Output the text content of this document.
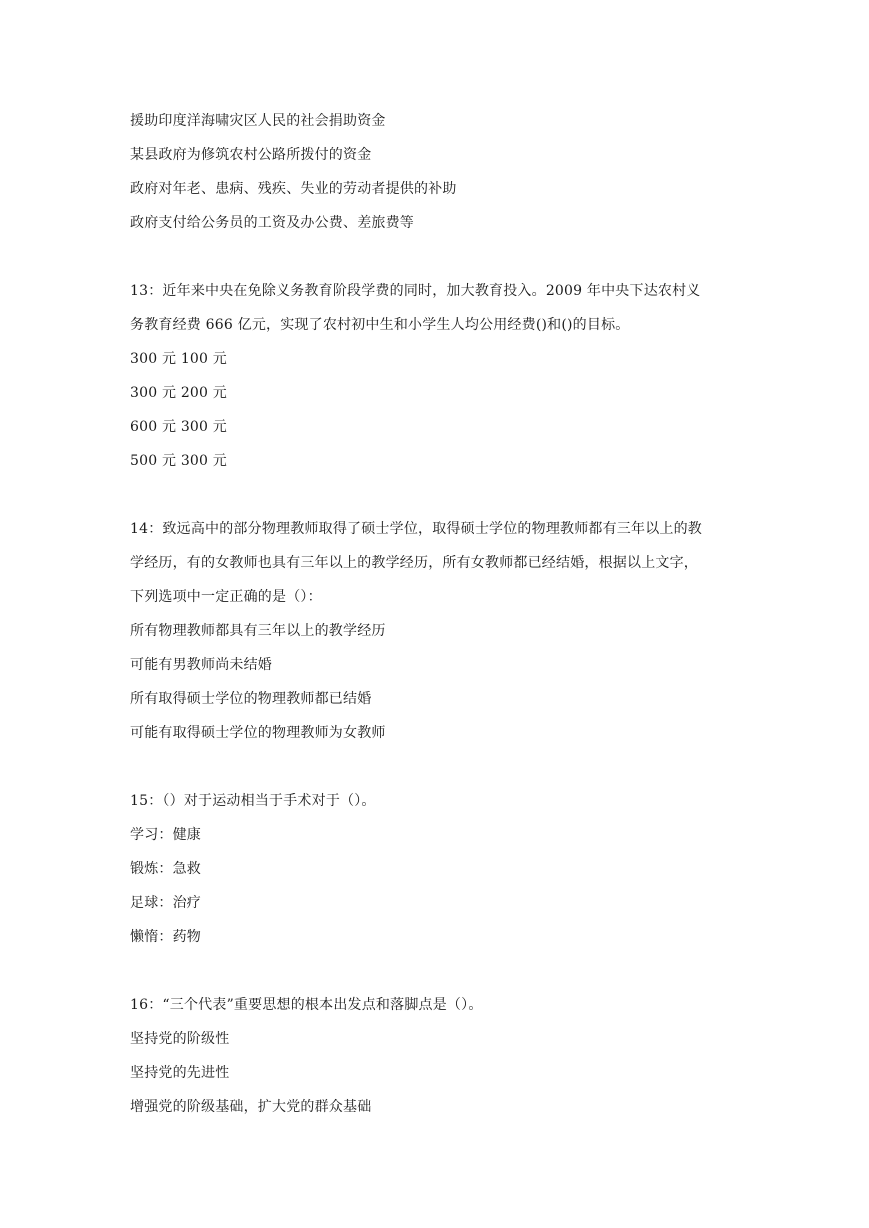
援助印度洋海啸灾区人民的社会捐助资金
某县政府为修筑农村公路所拨付的资金
政府对年老、患病、残疾、失业的劳动者提供的补助
政府支付给公务员的工资及办公费、差旅费等
13：近年来中央在免除义务教育阶段学费的同时，加大教育投入。2009 年中央下达农村义
务教育经费 666 亿元，实现了农村初中生和小学生人均公用经费()和()的目标。
300 元 100 元
300 元 200 元
600 元 300 元
500 元 300 元
14：致远高中的部分物理教师取得了硕士学位，取得硕士学位的物理教师都有三年以上的教
学经历，有的女教师也具有三年以上的教学经历，所有女教师都已经结婚，根据以上文字，
下列选项中一定正确的是（）：
所有物理教师都具有三年以上的教学经历
可能有男教师尚未结婚
所有取得硕士学位的物理教师都已结婚
可能有取得硕士学位的物理教师为女教师
15：（）对于运动相当于手术对于（）。
学习：健康
锻炼：急救
足球：治疗
懒惰：药物
16：“三个代表”重要思想的根本出发点和落脚点是（）。
坚持党的阶级性
坚持党的先进性
增强党的阶级基础，扩大党的群众基础
